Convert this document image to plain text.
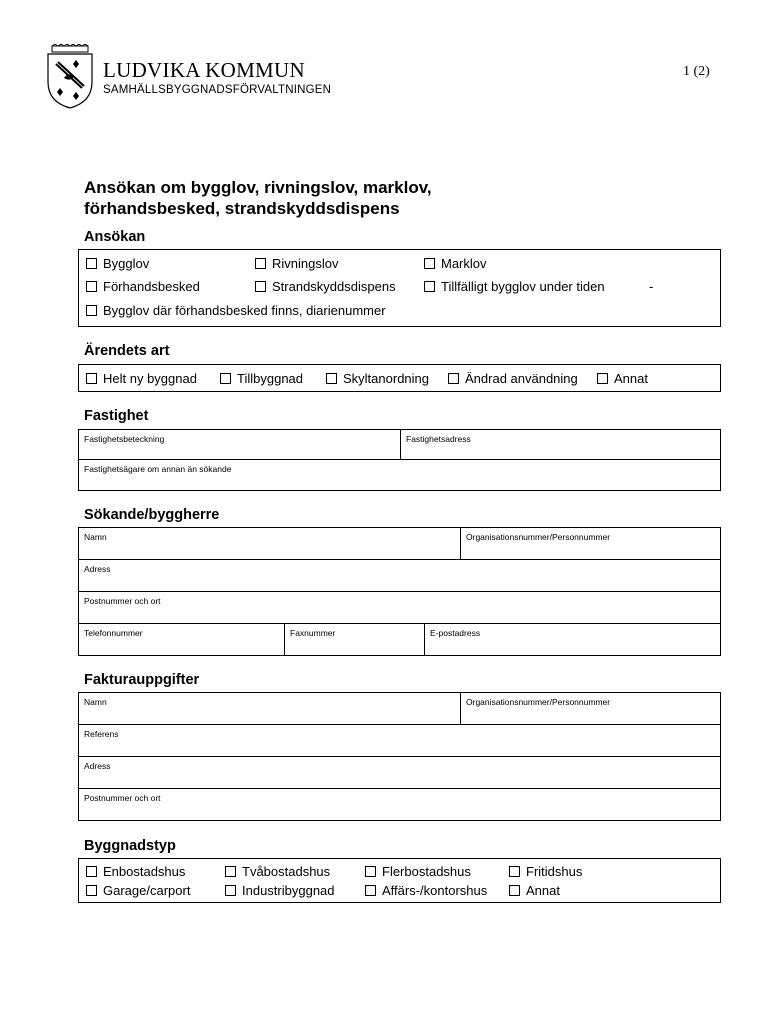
LUDVIKA KOMMUN
SAMHÄLLSBYGGNADSFÖRVALTNINGEN
1 (2)
Ansökan om bygglov, rivningslov, marklov,
förhandsbesked, strandskyddsdispens
Ansökan
Bygglov	Rivningslov	Marklov
Förhandsbesked	Strandskyddsdispens	Tillfälligt bygglov under tiden	-
Bygglov där förhandsbesked finns, diarienummer
Ärendets art
Helt ny byggnad	Tillbyggnad	Skyltanordning	Ändrad användning	Annat
Fastighet
Fastighetsbeteckning	Fastighetsadress
Fastighetsägare om annan än sökande
Sökande/byggherre
Namn	Organisationsnummer/Personnummer
Adress
Postnummer och ort
Telefonnummer	Faxnummer	E-postadress
Fakturauppgifter
Namn	Organisationsnummer/Personnummer
Referens
Adress
Postnummer och ort
Byggnadstyp
Enbostadshus	Tvåbostadshus	Flerbostadshus	Fritidshus
Garage/carport	Industribyggnad	Affärs-/kontorshus	Annat
